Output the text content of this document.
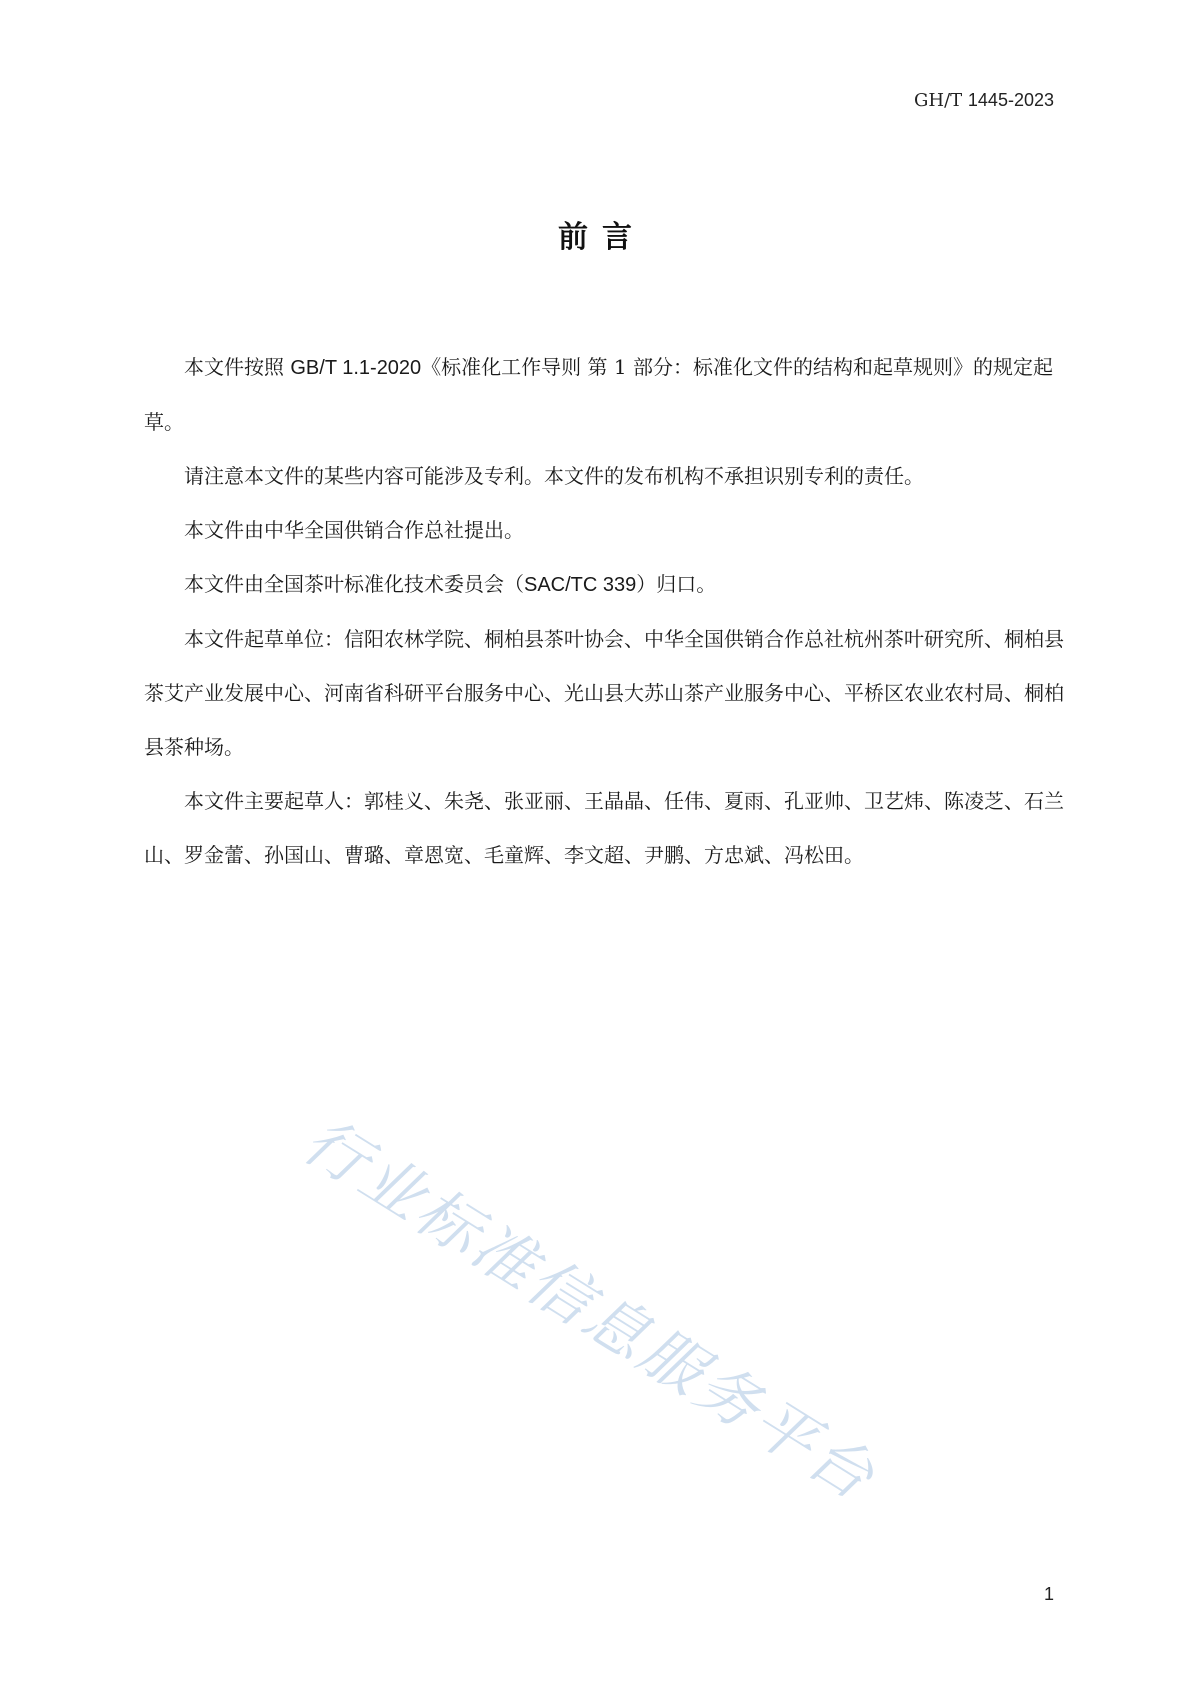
GH/T 1445-2023
前言

本文件按照 GB/T 1.1-2020《标准化工作导则 第 1 部分：标准化文件的结构和起草规则》的规定起草。

请注意本文件的某些内容可能涉及专利。本文件的发布机构不承担识别专利的责任。

本文件由中华全国供销合作总社提出。

本文件由全国茶叶标准化技术委员会（SAC/TC 339）归口。

本文件起草单位：信阳农林学院、桐柏县茶叶协会、中华全国供销合作总社杭州茶叶研究所、桐柏县茶艾产业发展中心、河南省科研平台服务中心、光山县大苏山茶产业服务中心、平桥区农业农村局、桐柏县茶种场。

本文件主要起草人：郭桂义、朱尧、张亚丽、王晶晶、任伟、夏雨、孔亚帅、卫艺炜、陈凌芝、石兰山、罗金蕾、孙国山、曹璐、章恩宽、毛童辉、李文超、尹鹏、方忠斌、冯松田。

行业标准信息服务平台
1
